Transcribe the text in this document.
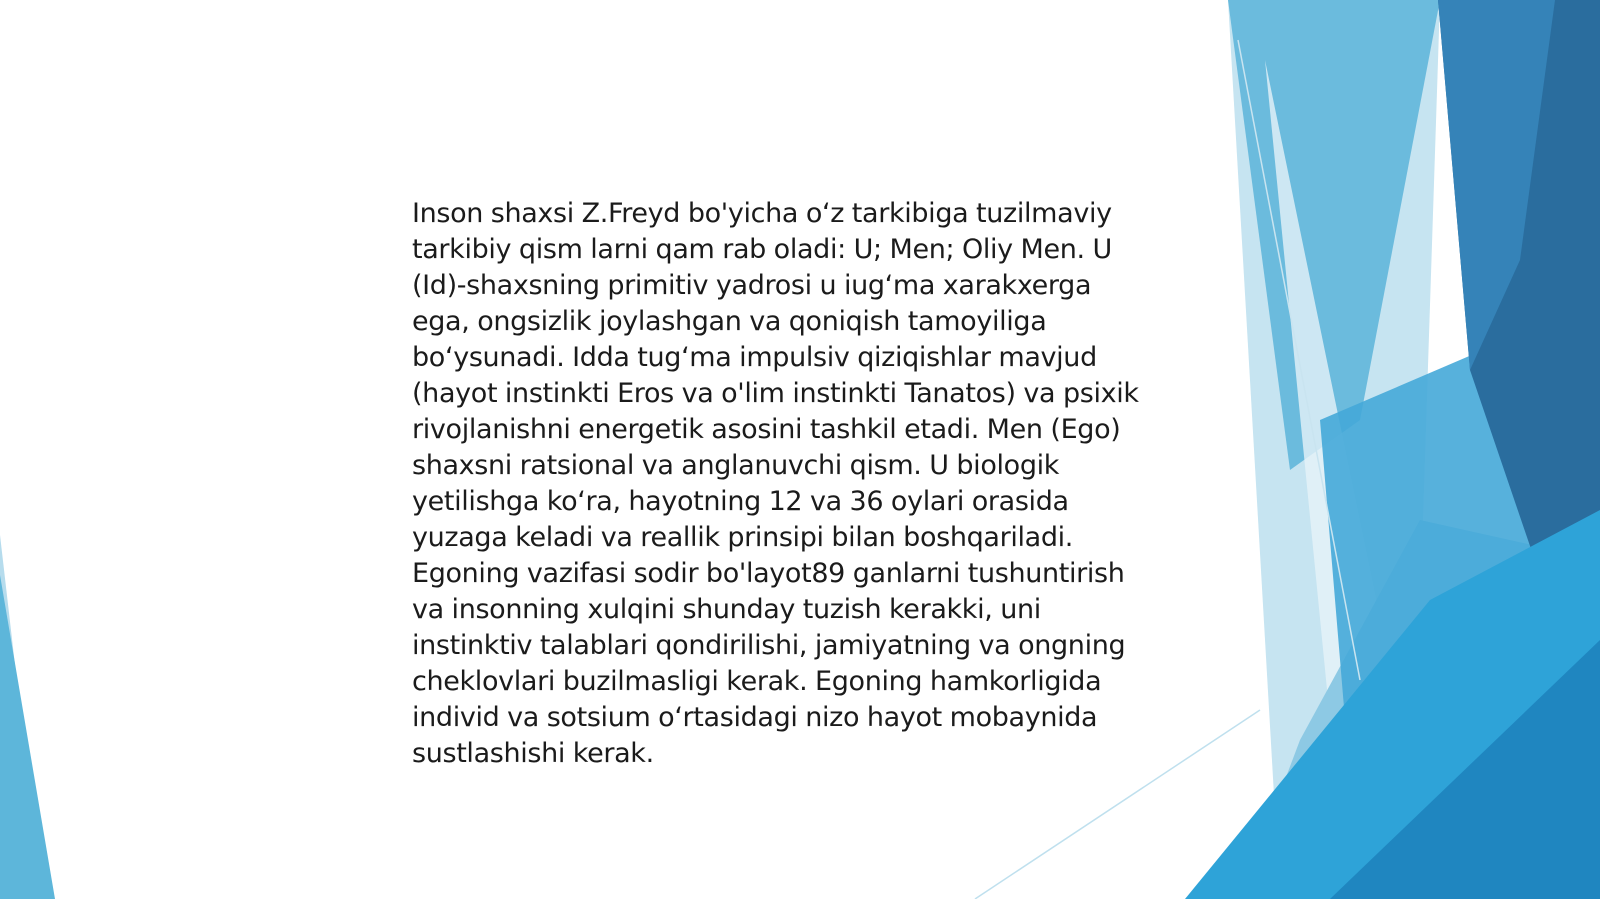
Inson shaxsi Z.Freyd bo'yicha o‘z tarkibiga tuzilmaviy
tarkibiy qism larni qam rab oladi: U; Men; Oliy Men. U
(Id)-shaxsning primitiv yadrosi u iug‘ma xarakxerga
ega, ongsizlik joylashgan va qoniqish tamoyiliga
bo‘ysunadi. Idda tug‘ma impulsiv qiziqishlar mavjud
(hayot instinkti Eros va o'lim instinkti Tanatos) va psixik
rivojlanishni energetik asosini tashkil etadi. Men (Ego)
shaxsni ratsional va anglanuvchi qism. U biologik
yetilishga ko‘ra, hayotning 12 va 36 oylari orasida
yuzaga keladi va reallik prinsipi bilan boshqariladi.
Egoning vazifasi sodir bo'layot89 ganlarni tushuntirish
va insonning xulqini shunday tuzish kerakki, uni
instinktiv talablari qondirilishi, jamiyatning va ongning
cheklovlari buzilmasligi kerak. Egoning hamkorligida
individ va sotsium o‘rtasidagi nizo hayot mobaynida
sustlashishi kerak.
